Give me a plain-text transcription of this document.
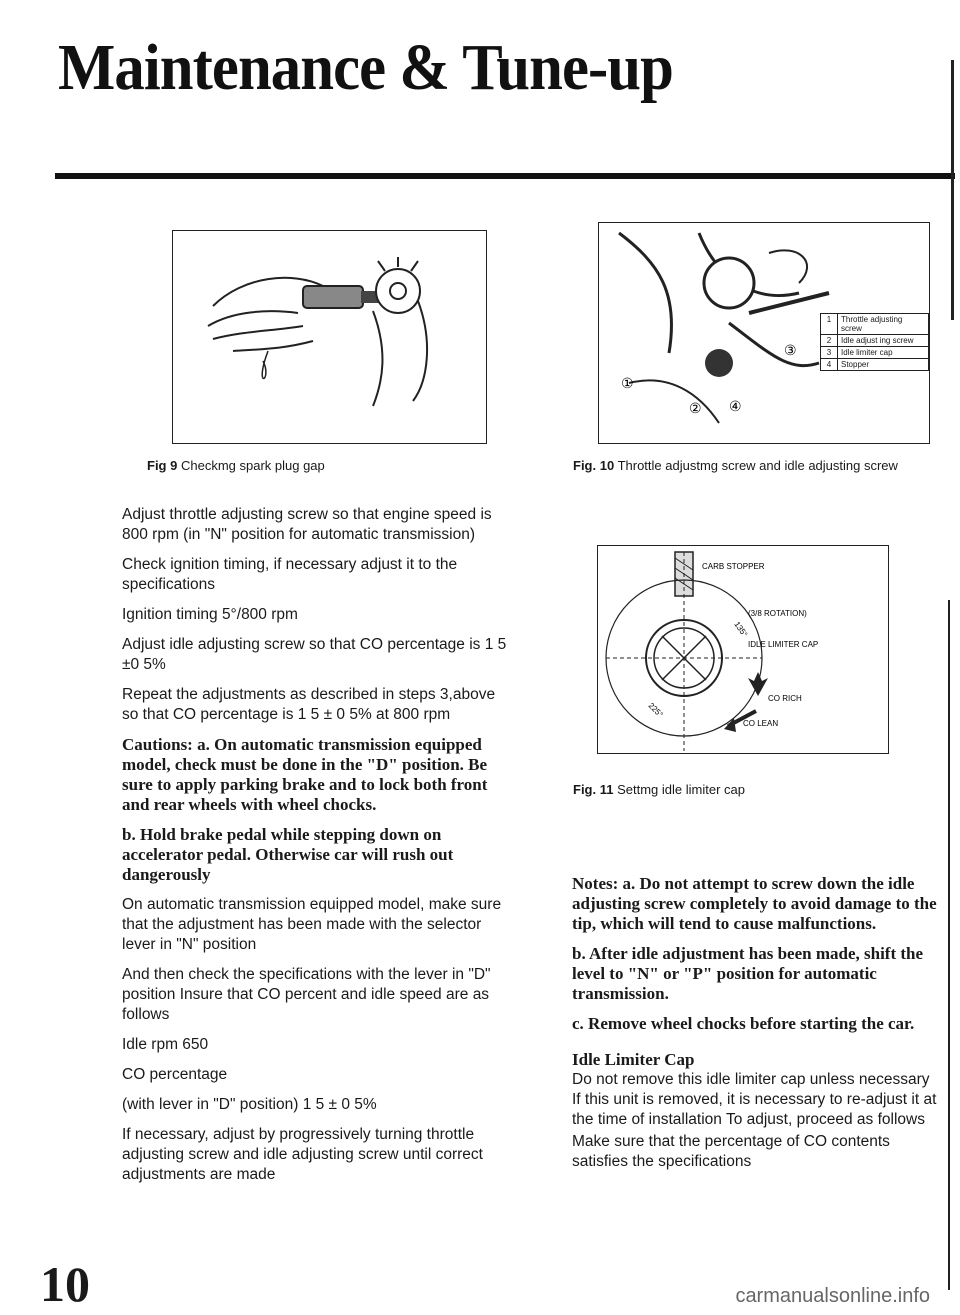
Maintenance & Tune-up
Fig 9 Checkmg spark plug gap
①
②
③
④
1	Throttle adjusting screw
2	Idle adjust ing screw
3	Idle limiter cap
4	Stopper
Fig. 10 Throttle adjustmg screw and idle adjusting screw
CARB STOPPER
(3/8 ROTATION)
135°
IDLE LIMITER CAP
225°
CO RICH
CO LEAN
Fig. 11 Settmg idle limiter cap

Adjust throttle adjusting screw so that engine speed is 800 rpm (in "N" position for automatic transmission)

Check ignition timing, if necessary adjust it to the specifications

Ignition timing 5°/800 rpm

Adjust idle adjusting screw so that CO percentage is 1 5 ±0 5%

Repeat the adjustments as described in steps 3,above so that CO percentage is 1 5 ± 0 5% at 800 rpm

Cautions: a. On automatic transmission equipped model, check must be done in the "D" position. Be sure to apply parking brake and to lock both front and rear wheels with wheel chocks.

b. Hold brake pedal while stepping down on accelerator pedal. Otherwise car will rush out dangerously

On automatic transmission equipped model, make sure that the adjustment has been made with the selector lever in "N" position

And then check the specifications with the lever in "D" position Insure that CO percent and idle speed are as follows

Idle rpm 650

CO percentage

(with lever in "D" position) 1 5 ± 0 5%

If necessary, adjust by progressively turning throttle adjusting screw and idle adjusting screw until correct adjustments are made

Notes: a. Do not attempt to screw down the idle adjusting screw completely to avoid damage to the tip, which will tend to cause malfunctions.

b. After idle adjustment has been made, shift the level to "N" or "P" position for automatic transmission.

c. Remove wheel chocks before starting the car.

Idle Limiter Cap

Do not remove this idle limiter cap unless necessary If this unit is removed, it is necessary to re-adjust it at the time of installation To adjust, proceed as follows

Make sure that the percentage of CO contents satisfies the specifications

10	carmanualsonline.info
